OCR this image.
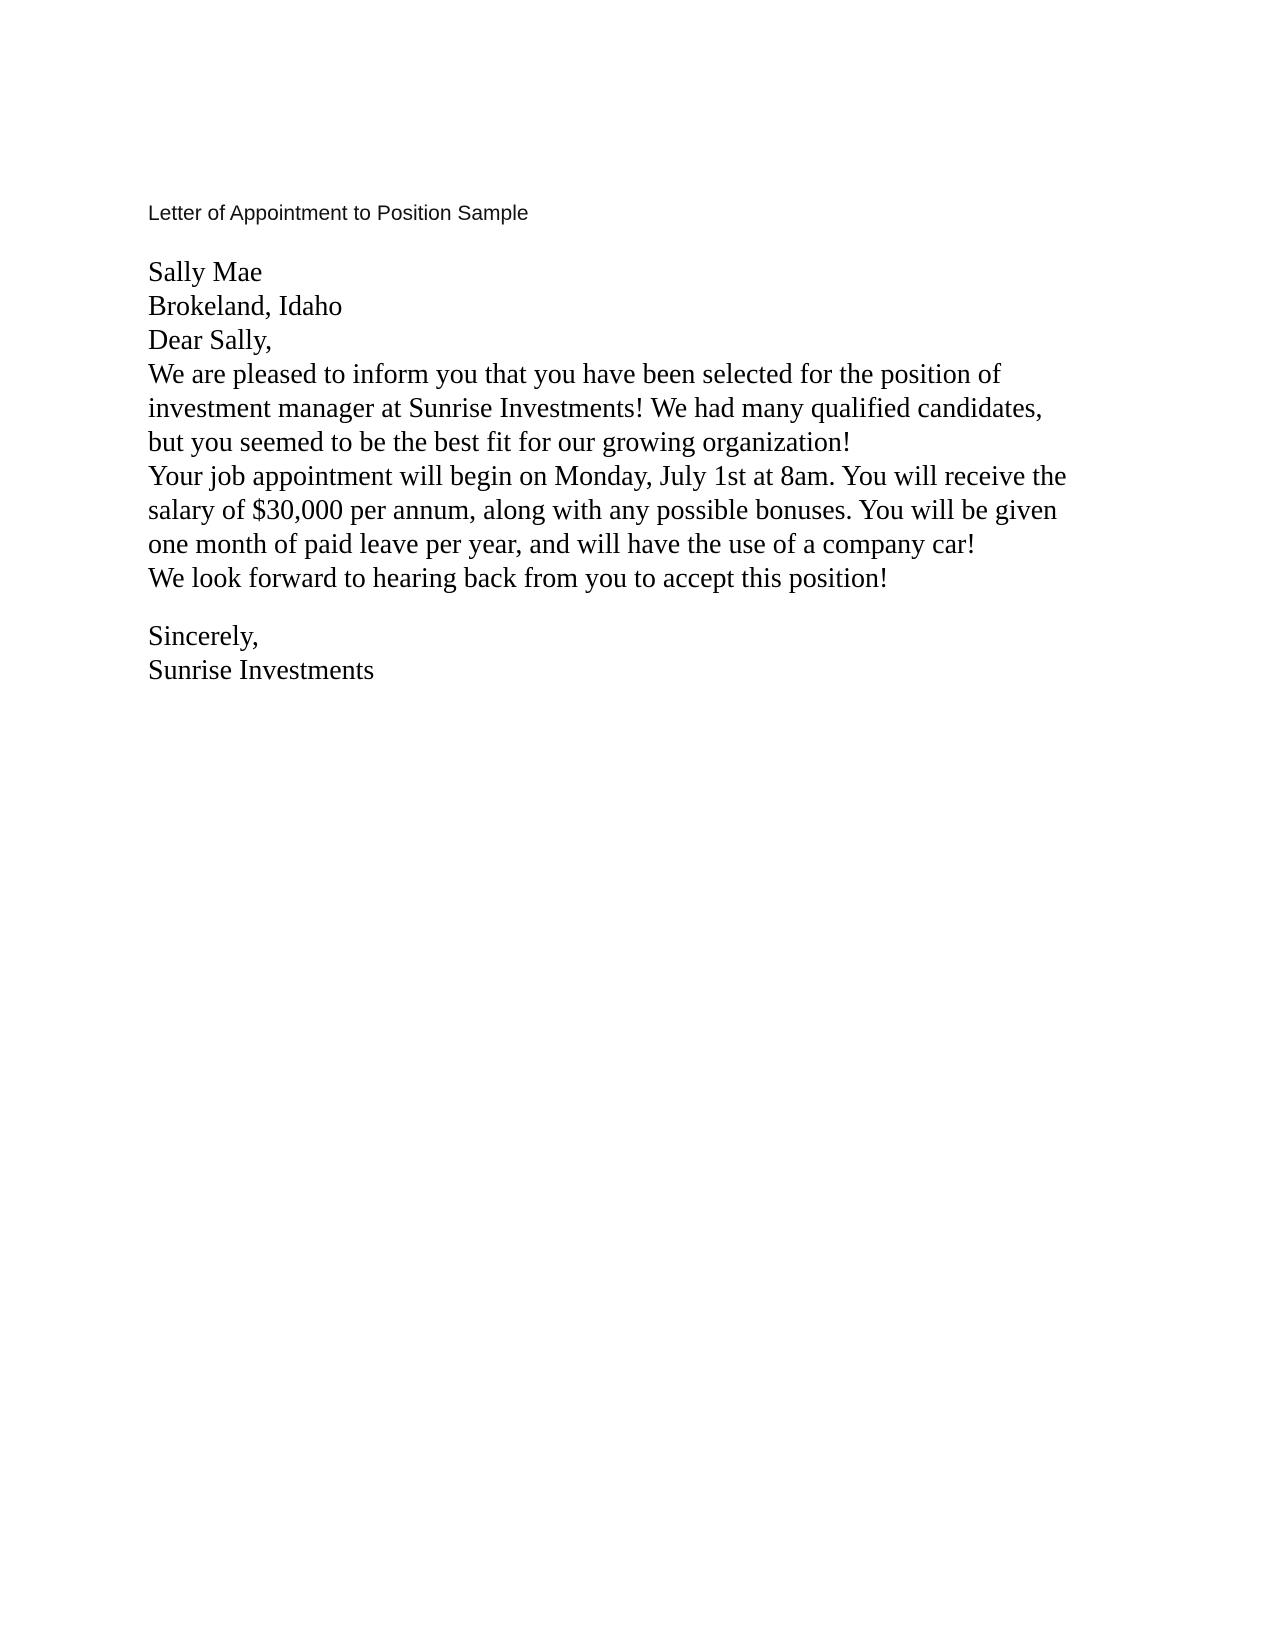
Letter of Appointment to Position Sample
Sally Mae
Brokeland, Idaho
Dear Sally,
We are pleased to inform you that you have been selected for the position of
investment manager at Sunrise Investments! We had many qualified candidates,
but you seemed to be the best fit for our growing organization!
Your job appointment will begin on Monday, July 1st at 8am. You will receive the
salary of $30,000 per annum, along with any possible bonuses. You will be given
one month of paid leave per year, and will have the use of a company car!
We look forward to hearing back from you to accept this position!
Sincerely,
Sunrise Investments
